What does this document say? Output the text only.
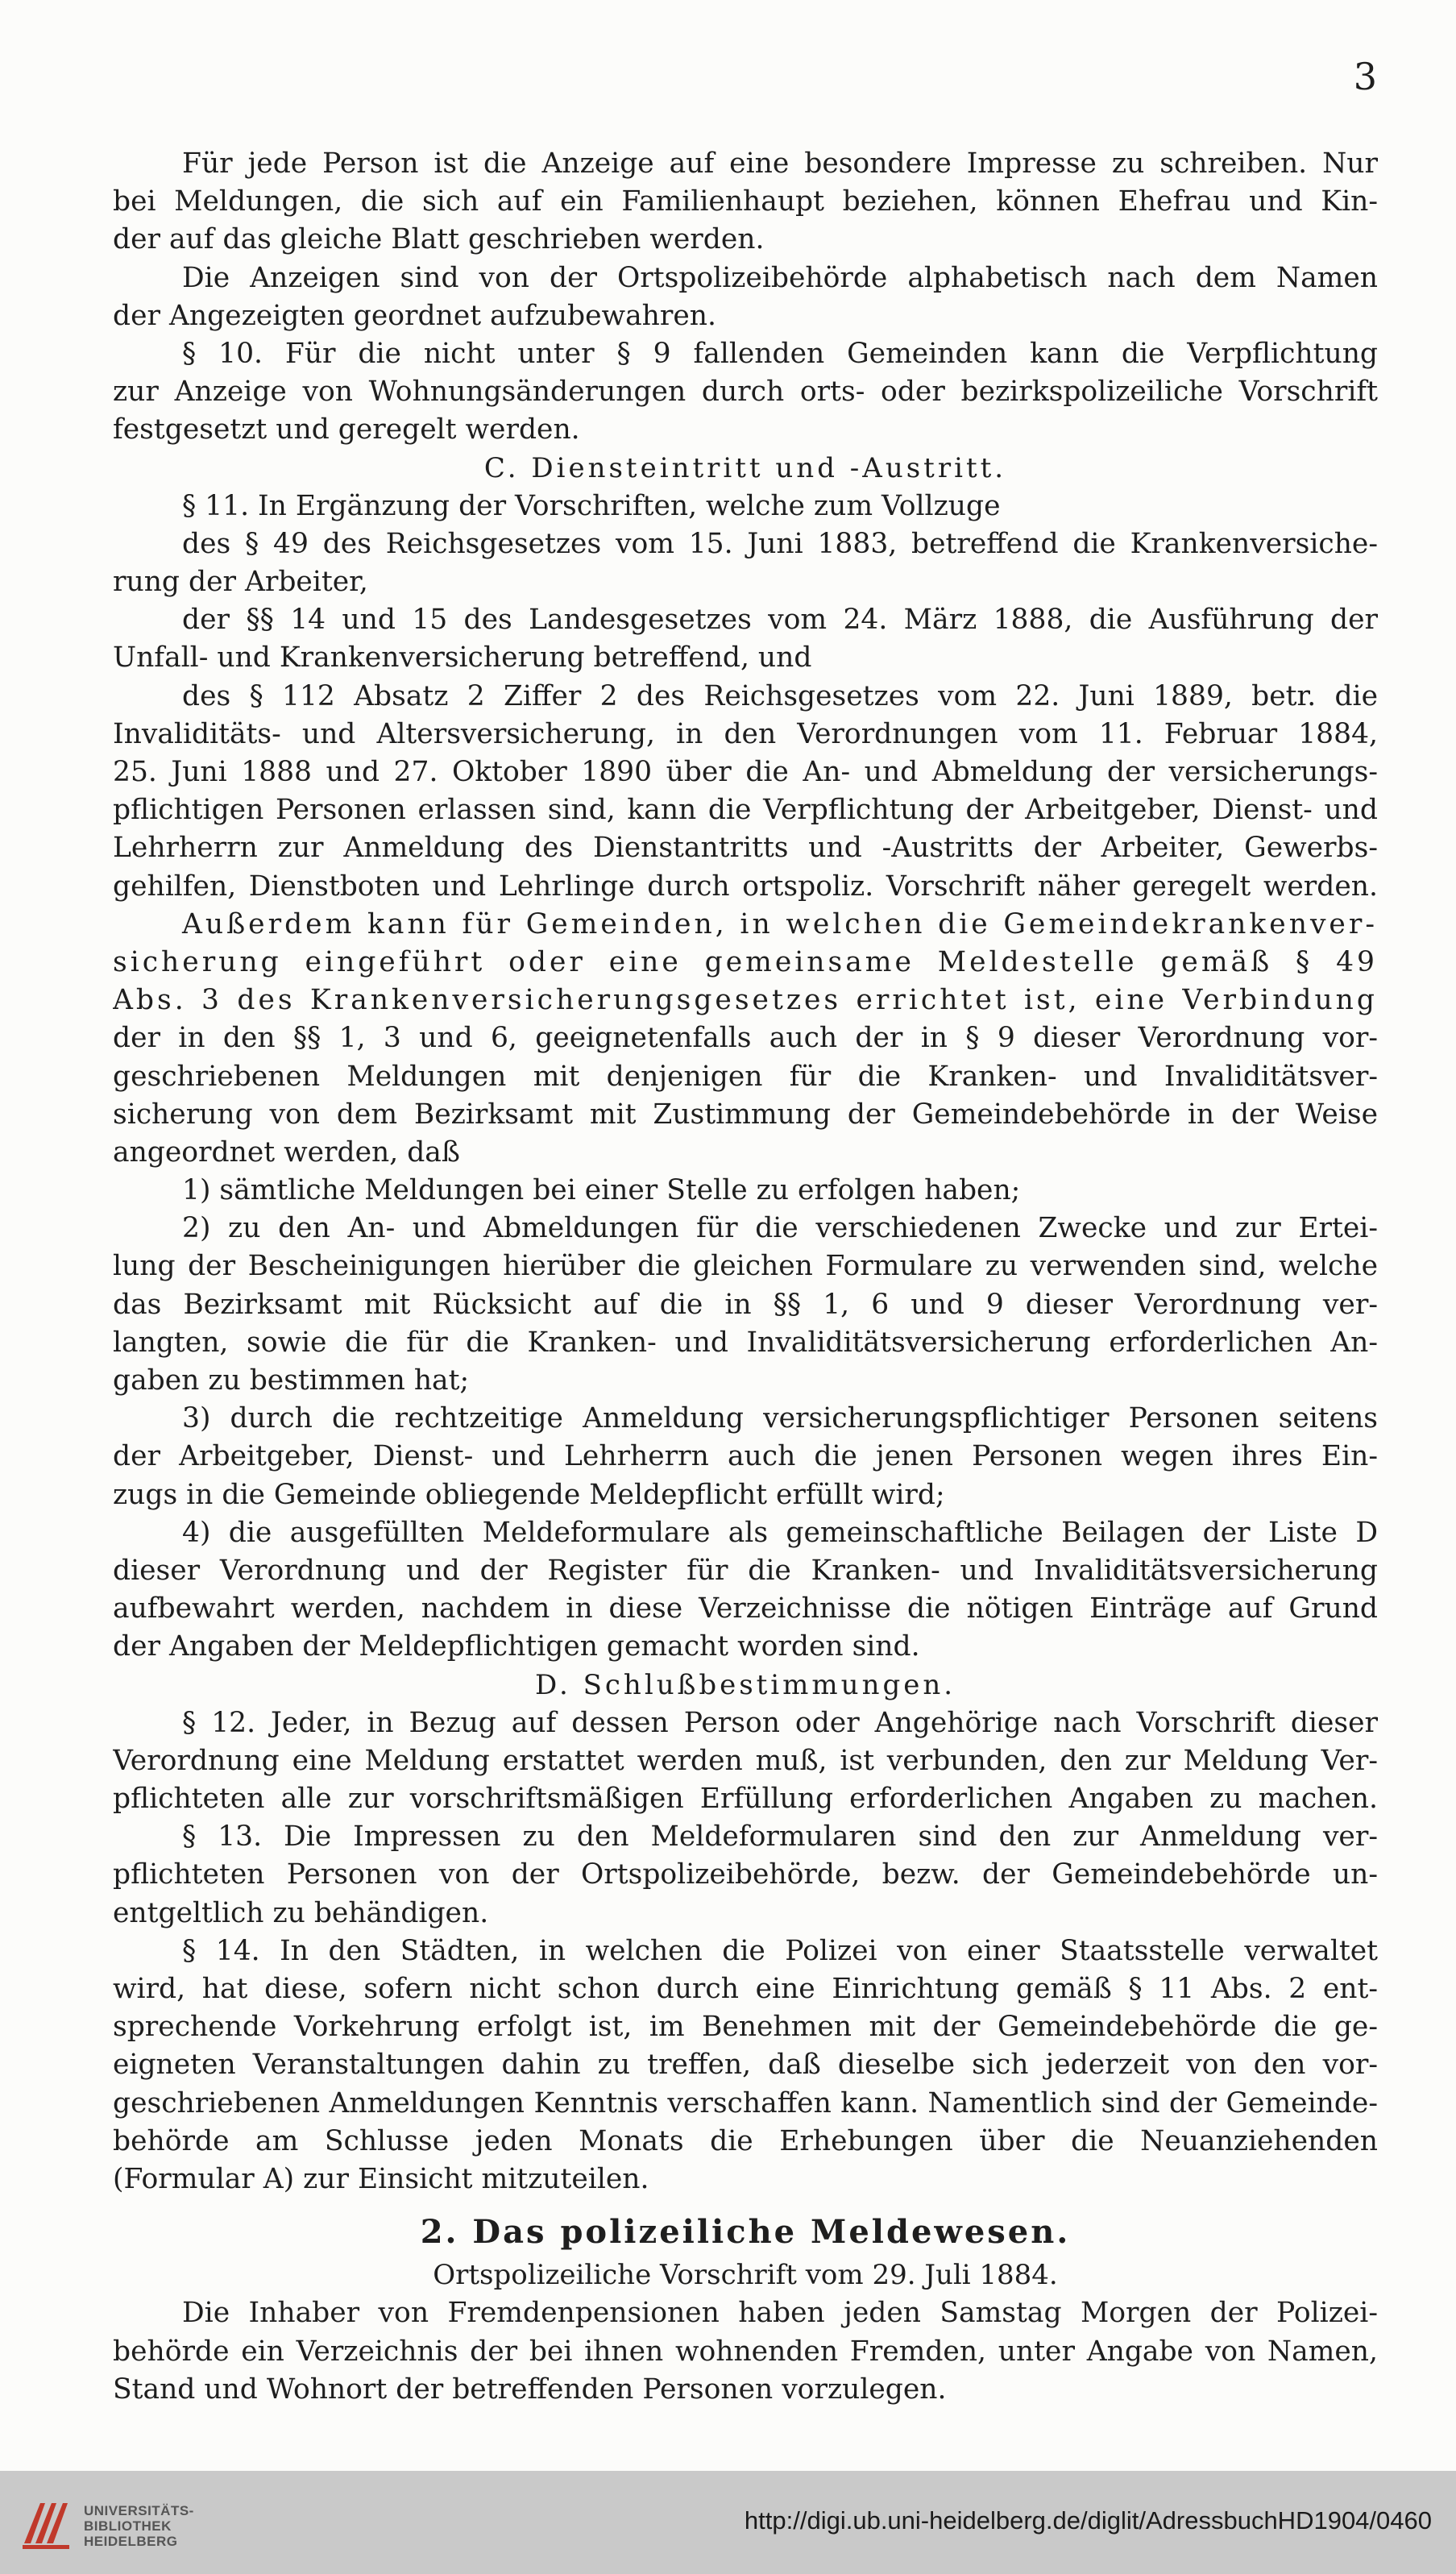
3
Für jede Person ist die Anzeige auf eine besondere Impresse zu schreiben. Nur
bei Meldungen, die sich auf ein Familienhaupt beziehen, können Ehefrau und Kin-
der auf das gleiche Blatt geschrieben werden.
Die Anzeigen sind von der Ortspolizeibehörde alphabetisch nach dem Namen
der Angezeigten geordnet aufzubewahren.
§ 10. Für die nicht unter § 9 fallenden Gemeinden kann die Verpflichtung
zur Anzeige von Wohnungsänderungen durch orts- oder bezirkspolizeiliche Vorschrift
festgesetzt und geregelt werden.
C. Diensteintritt und -Austritt.
§ 11. In Ergänzung der Vorschriften, welche zum Vollzuge
des § 49 des Reichsgesetzes vom 15. Juni 1883, betreffend die Krankenversiche-
rung der Arbeiter,
der §§ 14 und 15 des Landesgesetzes vom 24. März 1888, die Ausführung der
Unfall- und Krankenversicherung betreffend, und
des § 112 Absatz 2 Ziffer 2 des Reichsgesetzes vom 22. Juni 1889, betr. die
Invaliditäts- und Altersversicherung, in den Verordnungen vom 11. Februar 1884,
25. Juni 1888 und 27. Oktober 1890 über die An- und Abmeldung der versicherungs-
pflichtigen Personen erlassen sind, kann die Verpflichtung der Arbeitgeber, Dienst- und
Lehrherrn zur Anmeldung des Dienstantritts und -Austritts der Arbeiter, Gewerbs-
gehilfen, Dienstboten und Lehrlinge durch ortspoliz. Vorschrift näher geregelt werden.
Außerdem kann für Gemeinden, in welchen die Gemeindekrankenver-
sicherung eingeführt oder eine gemeinsame Meldestelle gemäß § 49
Abs. 3 des Krankenversicherungsgesetzes errichtet ist, eine Verbindung
der in den §§ 1, 3 und 6, geeignetenfalls auch der in § 9 dieser Verordnung vor-
geschriebenen Meldungen mit denjenigen für die Kranken- und Invaliditätsver-
sicherung von dem Bezirksamt mit Zustimmung der Gemeindebehörde in der Weise
angeordnet werden, daß
1) sämtliche Meldungen bei einer Stelle zu erfolgen haben;
2) zu den An- und Abmeldungen für die verschiedenen Zwecke und zur Ertei-
lung der Bescheinigungen hierüber die gleichen Formulare zu verwenden sind, welche
das Bezirksamt mit Rücksicht auf die in §§ 1, 6 und 9 dieser Verordnung ver-
langten, sowie die für die Kranken- und Invaliditätsversicherung erforderlichen An-
gaben zu bestimmen hat;
3) durch die rechtzeitige Anmeldung versicherungspflichtiger Personen seitens
der Arbeitgeber, Dienst- und Lehrherrn auch die jenen Personen wegen ihres Ein-
zugs in die Gemeinde obliegende Meldepflicht erfüllt wird;
4) die ausgefüllten Meldeformulare als gemeinschaftliche Beilagen der Liste D
dieser Verordnung und der Register für die Kranken- und Invaliditätsversicherung
aufbewahrt werden, nachdem in diese Verzeichnisse die nötigen Einträge auf Grund
der Angaben der Meldepflichtigen gemacht worden sind.
D. Schlußbestimmungen.
§ 12. Jeder, in Bezug auf dessen Person oder Angehörige nach Vorschrift dieser
Verordnung eine Meldung erstattet werden muß, ist verbunden, den zur Meldung Ver-
pflichteten alle zur vorschriftsmäßigen Erfüllung erforderlichen Angaben zu machen.
§ 13. Die Impressen zu den Meldeformularen sind den zur Anmeldung ver-
pflichteten Personen von der Ortspolizeibehörde, bezw. der Gemeindebehörde un-
entgeltlich zu behändigen.
§ 14. In den Städten, in welchen die Polizei von einer Staatsstelle verwaltet
wird, hat diese, sofern nicht schon durch eine Einrichtung gemäß § 11 Abs. 2 ent-
sprechende Vorkehrung erfolgt ist, im Benehmen mit der Gemeindebehörde die ge-
eigneten Veranstaltungen dahin zu treffen, daß dieselbe sich jederzeit von den vor-
geschriebenen Anmeldungen Kenntnis verschaffen kann. Namentlich sind der Gemeinde-
behörde am Schlusse jeden Monats die Erhebungen über die Neuanziehenden
(Formular A) zur Einsicht mitzuteilen.
2. Das polizeiliche Meldewesen.
Ortspolizeiliche Vorschrift vom 29. Juli 1884.
Die Inhaber von Fremdenpensionen haben jeden Samstag Morgen der Polizei-
behörde ein Verzeichnis der bei ihnen wohnenden Fremden, unter Angabe von Namen,
Stand und Wohnort der betreffenden Personen vorzulegen.
UNIVERSITÄTS-
BIBLIOTHEK
HEIDELBERG
http://digi.ub.uni-heidelberg.de/diglit/AdressbuchHD1904/0460
